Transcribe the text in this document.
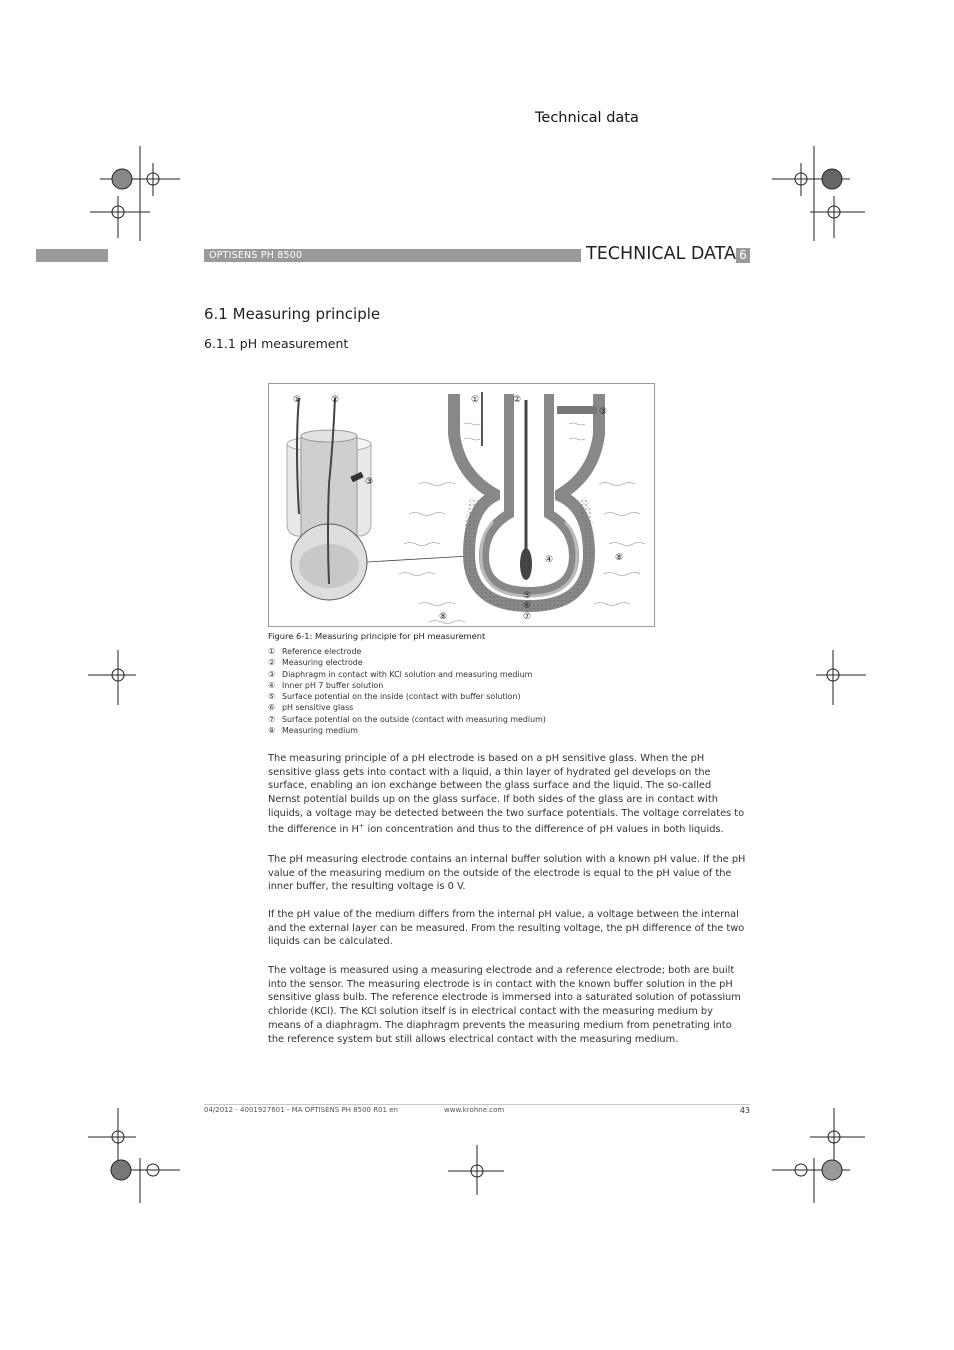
Technical data
OPTISENS PH 8500	TECHNICAL DATA 6
6.1 Measuring principle
6.1.1 pH measurement
①	②
③
①	②
③
④
⑤
⑥
⑦
⑧
⑧
Figure 6-1: Measuring principle for pH measurement
① Reference electrode
② Measuring electrode
③ Diaphragm in contact with KCl solution and measuring medium
④ Inner pH 7 buffer solution
⑤ Surface potential on the inside (contact with buffer solution)
⑥ pH sensitive glass
⑦ Surface potential on the outside (contact with measuring medium)
⑧ Measuring medium

The measuring principle of a pH electrode is based on a pH sensitive glass. When the pH

sensitive glass gets into contact with a liquid, a thin layer of hydrated gel develops on the

surface, enabling an ion exchange between the glass surface and the liquid. The so-called

Nernst potential builds up on the glass surface. If both sides of the glass are in contact with

liquids, a voltage may be detected between the two surface potentials. The voltage correlates to

the difference in H+ ion concentration and thus to the difference of pH values in both liquids.

The pH measuring electrode contains an internal buffer solution with a known pH value. If the pH

value of the measuring medium on the outside of the electrode is equal to the pH value of the

inner buffer, the resulting voltage is 0 V.

If the pH value of the medium differs from the internal pH value, a voltage between the internal

and the external layer can be measured. From the resulting voltage, the pH difference of the two

liquids can be calculated.

The voltage is measured using a measuring electrode and a reference electrode; both are built

into the sensor. The measuring electrode is in contact with the known buffer solution in the pH

sensitive glass bulb. The reference electrode is immersed into a saturated solution of potassium

chloride (KCl). The KCl solution itself is in electrical contact with the measuring medium by

means of a diaphragm. The diaphragm prevents the measuring medium from penetrating into

the reference system but still allows electrical contact with the measuring medium.

04/2012 - 4001927601 - MA OPTISENS PH 8500 R01 en	www.krohne.com	43
